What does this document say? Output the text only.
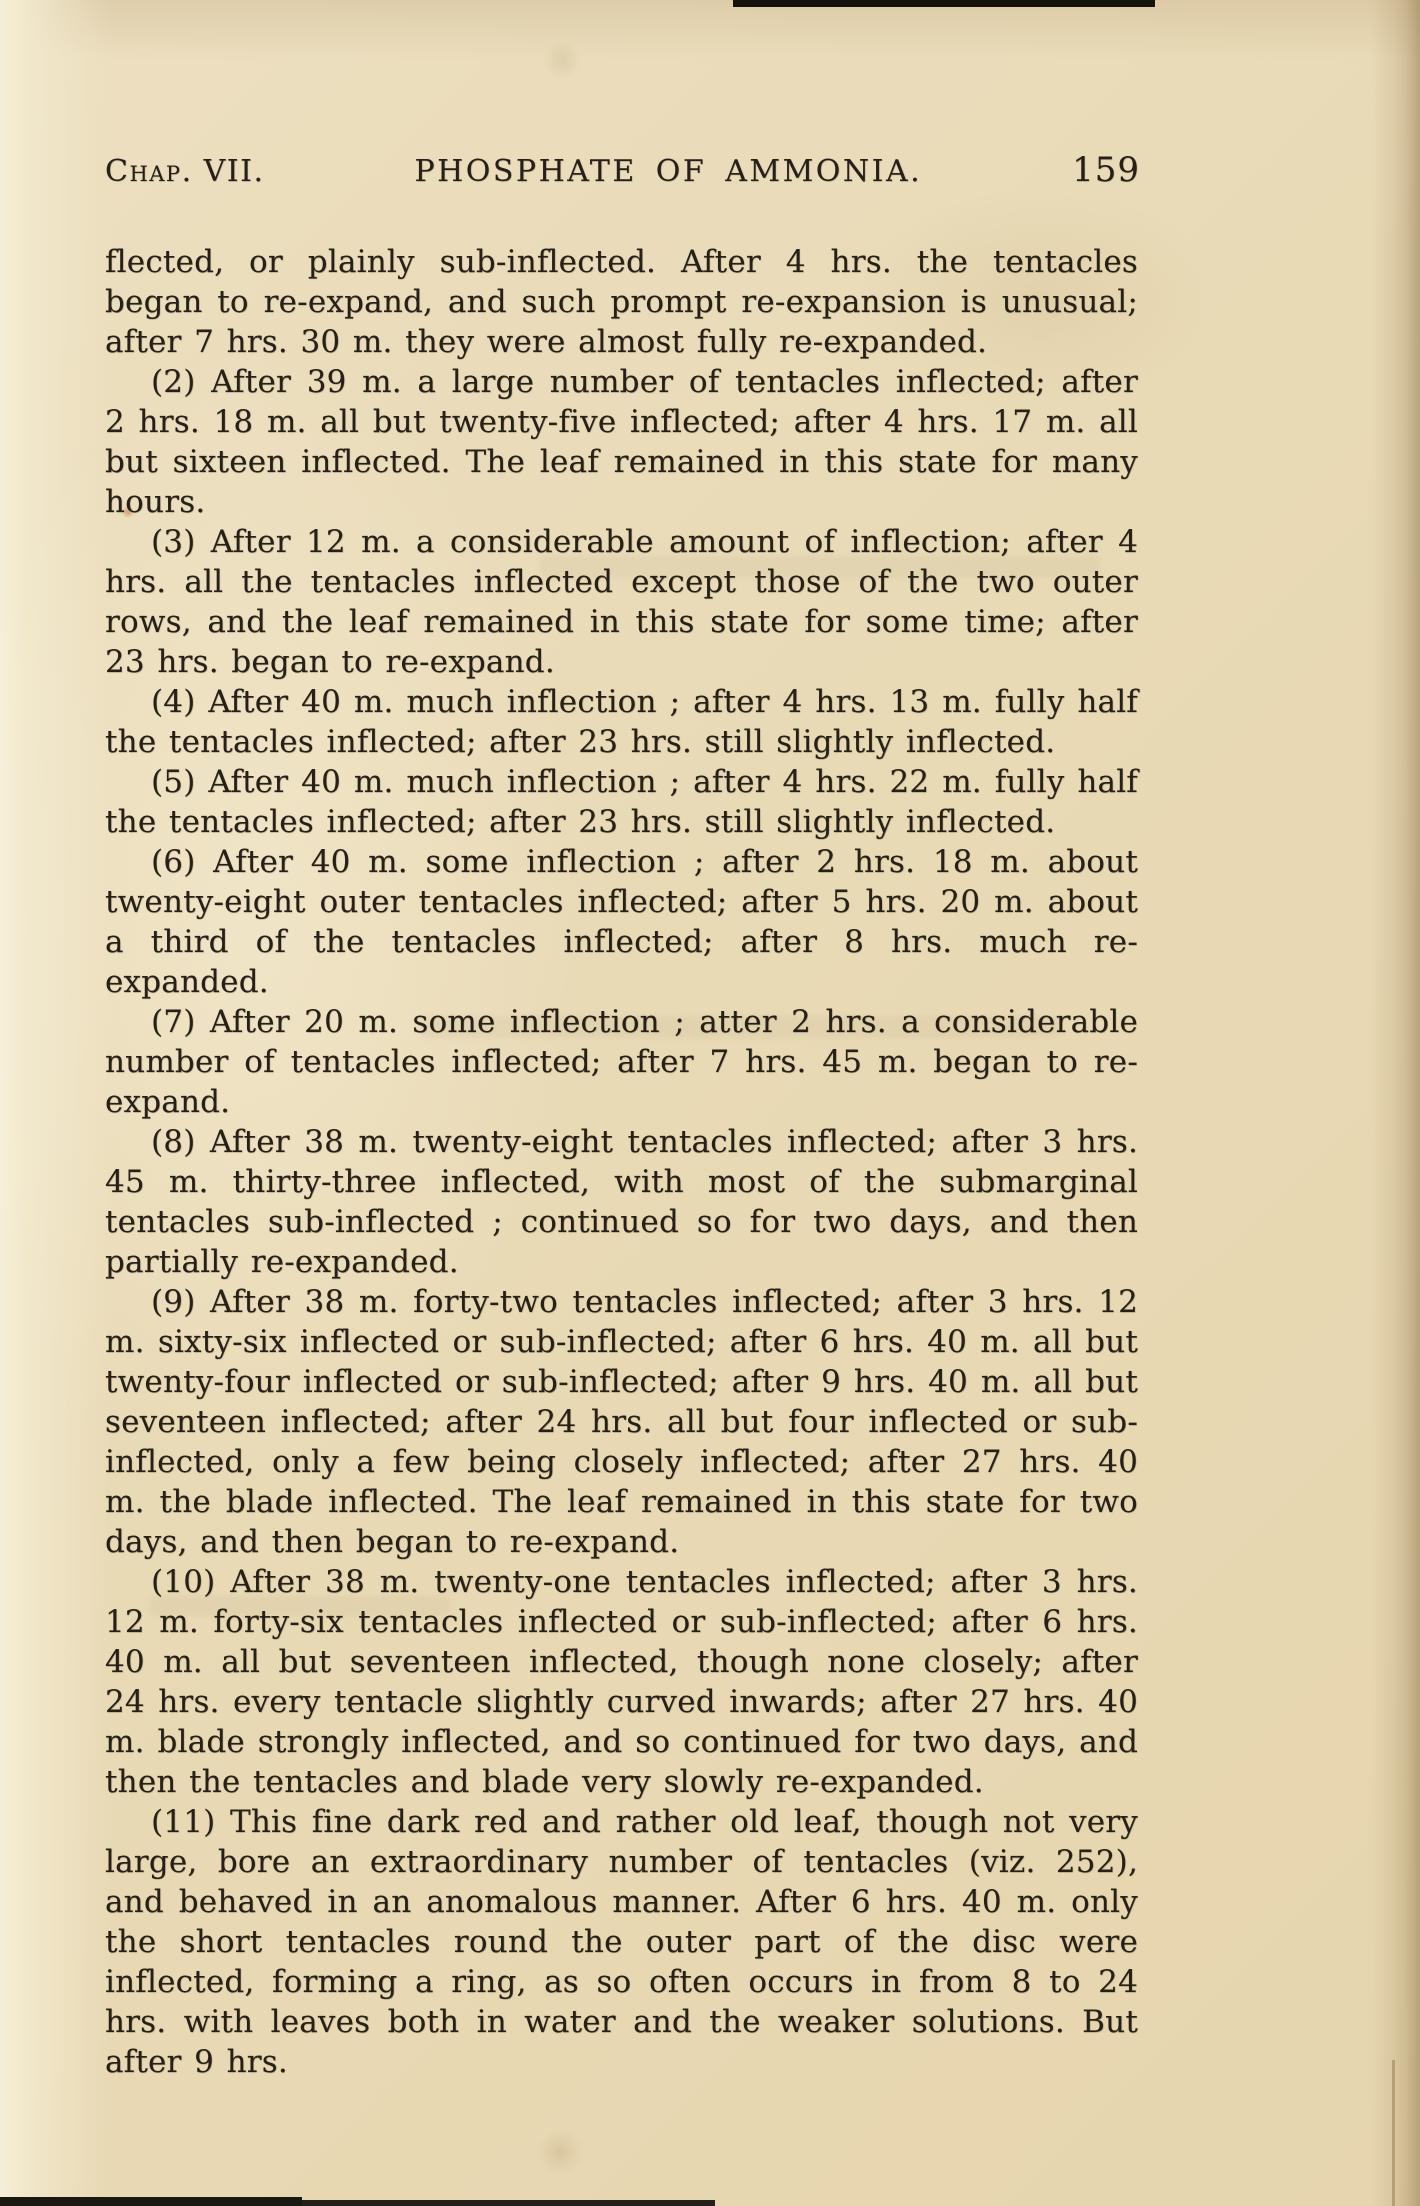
Chap. VII.	PHOSPHATE OF AMMONIA.	159

flected, or plainly sub-inflected. After 4 hrs. the tentacles began to re-expand, and such prompt re-expansion is unusual; after 7 hrs. 30 m. they were almost fully re-expanded.

(2) After 39 m. a large number of tentacles inflected; after 2 hrs. 18 m. all but twenty-five inflected; after 4 hrs. 17 m. all but sixteen inflected. The leaf remained in this state for many hours.

(3) After 12 m. a considerable amount of inflection; after 4 hrs. all the tentacles inflected except those of the two outer rows, and the leaf remained in this state for some time; after 23 hrs. began to re-expand.

(4) After 40 m. much inflection ; after 4 hrs. 13 m. fully half the tentacles inflected; after 23 hrs. still slightly inflected.

(5) After 40 m. much inflection ; after 4 hrs. 22 m. fully half the tentacles inflected; after 23 hrs. still slightly inflected.

(6) After 40 m. some inflection ; after 2 hrs. 18 m. about twenty-eight outer tentacles inflected; after 5 hrs. 20 m. about a third of the tentacles inflected; after 8 hrs. much re-expanded.

(7) After 20 m. some inflection ; atter 2 hrs. a considerable number of tentacles inflected; after 7 hrs. 45 m. began to re-expand.

(8) After 38 m. twenty-eight tentacles inflected; after 3 hrs. 45 m. thirty-three inflected, with most of the submarginal tentacles sub-inflected ; continued so for two days, and then partially re-expanded.

(9) After 38 m. forty-two tentacles inflected; after 3 hrs. 12 m. sixty-six inflected or sub-inflected; after 6 hrs. 40 m. all but twenty-four inflected or sub-inflected; after 9 hrs. 40 m. all but seventeen inflected; after 24 hrs. all but four inflected or sub-inflected, only a few being closely inflected; after 27 hrs. 40 m. the blade inflected. The leaf remained in this state for two days, and then began to re-expand.

(10) After 38 m. twenty-one tentacles inflected; after 3 hrs. 12 m. forty-six tentacles inflected or sub-inflected; after 6 hrs. 40 m. all but seventeen inflected, though none closely; after 24 hrs. every tentacle slightly curved inwards; after 27 hrs. 40 m. blade strongly inflected, and so continued for two days, and then the tentacles and blade very slowly re-expanded.

(11) This fine dark red and rather old leaf, though not very large, bore an extraordinary number of tentacles (viz. 252), and behaved in an anomalous manner. After 6 hrs. 40 m. only the short tentacles round the outer part of the disc were inflected, forming a ring, as so often occurs in from 8 to 24 hrs. with leaves both in water and the weaker solutions. But after 9 hrs.
